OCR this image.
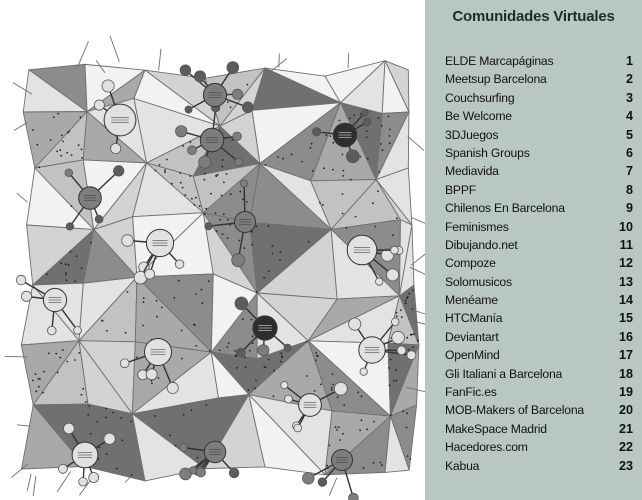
Comunidades Virtuales
ELDE Marcapáginas	1
Meetsup Barcelona	2
Couchsurfing	3
Be Welcome	4
3DJuegos	5
Spanish Groups	6
Mediavida	7
BPPF	8
Chilenos En Barcelona	9
Feminismes	10
Dibujando.net	11
Compoze	12
Solomusicos	13
Menéame	14
HTCManía	15
Deviantart	16
OpenMind	17
Gli Italiani a Barcelona	18
FanFic.es	19
MOB-Makers of Barcelona	20
MakeSpace Madrid	21
Hacedores.com	22
Kabua	23
